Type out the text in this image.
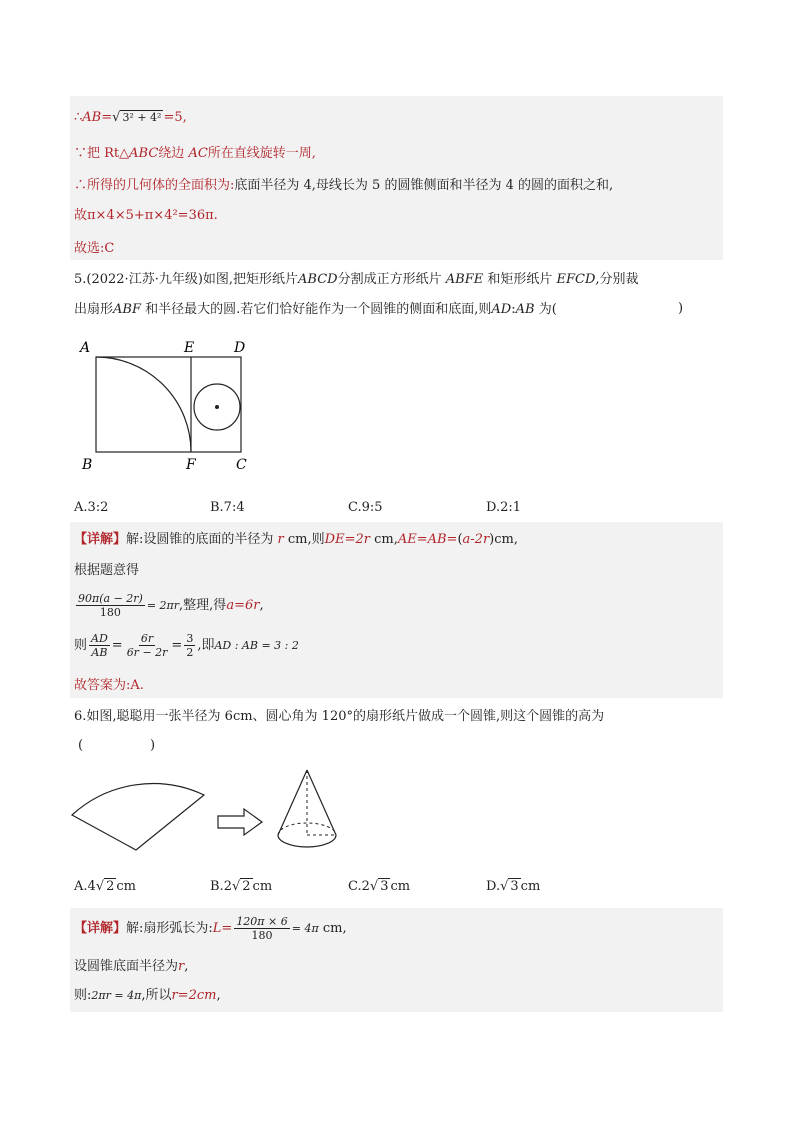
∴AB=√ 3² + 4² =5,
∵把 Rt△ABC绕边 AC所在直线旋转一周,
∴所得的几何体的全面积为:底面半径为 4,母线长为 5 的圆锥侧面和半径为 4 的圆的面积之和,
故π×4×5+π×4²=36π.
故选:C
5.(2022·江苏·九年级)如图,把矩形纸片ABCD分割成正方形纸片 ABFE 和矩形纸片 EFCD,分别裁
出扇形ABF 和半径最大的圆.若它们恰好能作为一个圆锥的侧面和底面,则AD:AB 为(	)
A	E	D
B	F	C
A.3:2	B.7:4	C.9:5	D.2:1
【详解】解:设圆锥的底面的半径为 r cm,则DE=2r cm,AE=AB=(a-2r)cm,
根据题意得
$\frac{90\pi(a - 2r)}{180} = 2\pi r$,整理,得a=6r,
则 $\frac{AD}{AB} = \frac{6r}{6r - 2r} = \frac{3}{2}$ ,即AD : AB = 3 : 2
故答案为:A.
6.如图,聪聪用一张半径为 6cm、圆心角为 120°的扇形纸片做成一个圆锥,则这个圆锥的高为
(	)
A.4√ 2 cm	B.2√ 2 cm	C.2√ 3 cm	D.√ 3 cm
【详解】解:扇形弧长为:L= $\frac{120\pi \times 6}{180} = 4\pi$ cm,
设圆锥底面半径为r,
则:2πr = 4π,所以r=2cm,
